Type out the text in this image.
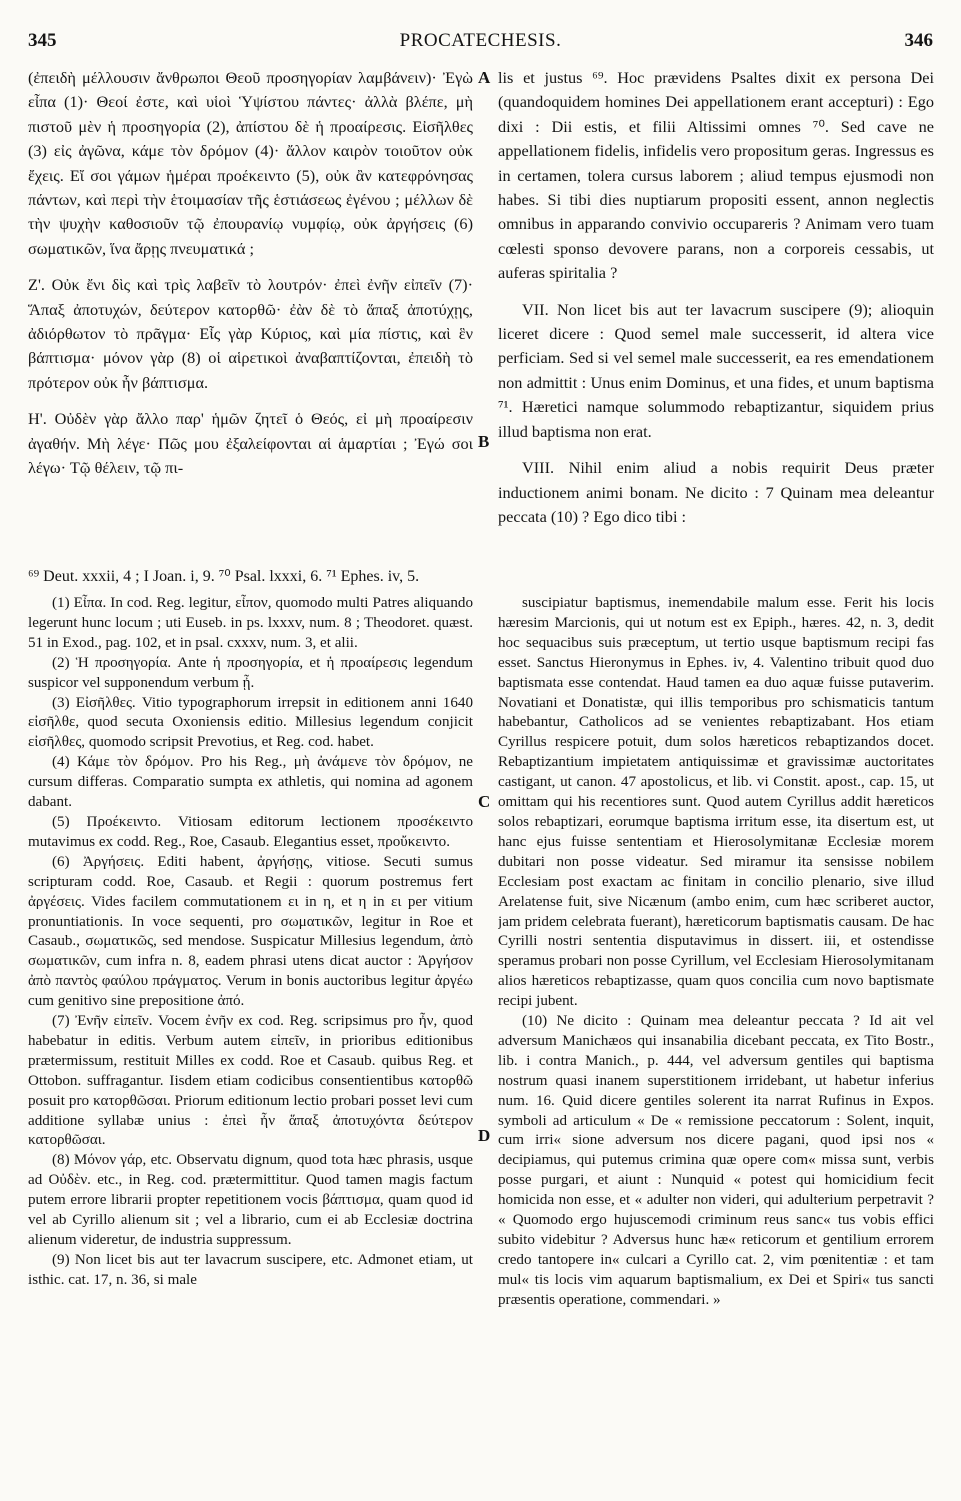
345	PROCATECHESIS.	346

(ἐπειδὴ μέλλουσιν ἄνθρωποι Θεοῦ προσηγορίαν λαμβάνειν)· Ἐγὼ εἶπα (1)· Θεοί ἐστε, καὶ υἱοὶ Ὑψίστου πάντες· ἀλλὰ βλέπε, μὴ πιστοῦ μὲν ἡ προσηγορία (2), ἀπίστου δὲ ἡ προαίρεσις. Εἰσῆλθες (3) εἰς ἀγῶνα, κάμε τὸν δρόμον (4)· ἄλλον καιρὸν τοιοῦτον οὐκ ἔχεις. Εἴ σοι γάμων ἡμέραι προέκειντο (5), οὐκ ἂν κατεφρόνησας πάντων, καὶ περὶ τὴν ἑτοιμασίαν τῆς ἑστιάσεως ἐγένου ; μέλλων δὲ τὴν ψυχὴν καθοσιοῦν τῷ ἐπουρανίῳ νυμφίῳ, οὐκ ἀργήσεις (6) σωματικῶν, ἵνα ἄρῃς πνευματικά ;

Ζ'. Οὐκ ἔνι δὶς καὶ τρὶς λαβεῖν τὸ λουτρόν· ἐπεὶ ἐνῆν εἰπεῖν (7)· Ἅπαξ ἀποτυχών, δεύτερον κατορθῶ· ἐὰν δὲ τὸ ἅπαξ ἀποτύχῃς, ἀδιόρθωτον τὸ πρᾶγμα· Εἷς γὰρ Κύριος, καὶ μία πίστις, καὶ ἓν βάπτισμα· μόνον γὰρ (8) οἱ αἱρετικοὶ ἀναβαπτίζονται, ἐπειδὴ τὸ πρότερον οὐκ ἦν βάπτισμα.

Η'. Οὐδὲν γὰρ ἄλλο παρ' ἡμῶν ζητεῖ ὁ Θεός, εἰ μὴ προαίρεσιν ἀγαθήν. Μὴ λέγε· Πῶς μου ἐξαλείφονται αἱ ἁμαρτίαι ; Ἐγώ σοι λέγω· Τῷ θέλειν, τῷ πι-

lis et justus ⁶⁹. Hoc prævidens Psaltes dixit ex persona Dei (quandoquidem homines Dei appellationem erant accepturi) : Ego dixi : Dii estis, et filii Altissimi omnes ⁷⁰. Sed cave ne appellationem fidelis, infidelis vero propositum geras. Ingressus es in certamen, tolera cursus laborem ; aliud tempus ejusmodi non habes. Si tibi dies nuptiarum propositi essent, annon neglectis omnibus in apparando convivio occupareris ? Animam vero tuam cœlesti sponso devovere parans, non a corporeis cessabis, ut auferas spiritalia ?

VII. Non licet bis aut ter lavacrum suscipere (9); alioquin liceret dicere : Quod semel male successerit, id altera vice perficiam. Sed si vel semel male successerit, ea res emendationem non admittit : Unus enim Dominus, et una fides, et unum baptisma ⁷¹. Hæretici namque solummodo rebaptizantur, siquidem prius illud baptisma non erat.

VIII. Nihil enim aliud a nobis requirit Deus præter inductionem animi bonam. Ne dicito : 7 Quinam mea deleantur peccata (10) ? Ego dico tibi :

A
B
⁶⁹ Deut. xxxii, 4 ; I Joan. i, 9. ⁷⁰ Psal. lxxxi, 6. ⁷¹ Ephes. iv, 5.

(1) Εἶπα. In cod. Reg. legitur, εἶπον, quomodo multi Patres aliquando legerunt hunc locum ; uti Euseb. in ps. lxxxv, num. 8 ; Theodoret. quæst. 51 in Exod., pag. 102, et in psal. cxxxv, num. 3, et alii.

(2) Ἡ προσηγορία. Ante ἡ προσηγορία, et ἡ προαίρεσις legendum suspicor vel supponendum verbum ᾖ.

(3) Εἰσῆλθες. Vitio typographorum irrepsit in editionem anni 1640 εἰσῆλθε, quod secuta Oxoniensis editio. Millesius legendum conjicit εἰσῆλθες, quomodo scripsit Prevotius, et Reg. cod. habet.

(4) Κάμε τὸν δρόμον. Pro his Reg., μὴ ἀνάμενε τὸν δρόμον, ne cursum differas. Comparatio sumpta ex athletis, qui nomina ad agonem dabant.

(5) Προέκειντο. Vitiosam editorum lectionem προσέκειντο mutavimus ex codd. Reg., Roe, Casaub. Elegantius esset, προὔκειντο.

(6) Ἀργήσεις. Editi habent, ἀργήσῃς, vitiose. Secuti sumus scripturam codd. Roe, Casaub. et Regii : quorum postremus fert ἀργέσεις. Vides facilem commutationem ει in η, et η in ει per vitium pronuntiationis. In voce sequenti, pro σωματικῶν, legitur in Roe et Casaub., σωματικῶς, sed mendose. Suspicatur Millesius legendum, ἀπὸ σωματικῶν, cum infra n. 8, eadem phrasi utens dicat auctor : Ἀργήσον ἀπὸ παντὸς φαύλου πράγματος. Verum in bonis auctoribus legitur ἀργέω cum genitivo sine prepositione ἀπό.

(7) Ἐνῆν εἰπεῖν. Vocem ἐνῆν ex cod. Reg. scripsimus pro ἦν, quod habebatur in editis. Verbum autem εἰπεῖν, in prioribus editionibus prætermissum, restituit Milles ex codd. Roe et Casaub. quibus Reg. et Ottobon. suffragantur. Iisdem etiam codicibus consentientibus κατορθῶ posuit pro κατορθῶσαι. Priorum editionum lectio probari posset levi cum additione syllabæ unius : ἐπεὶ ἦν ἅπαξ ἀποτυχόντα δεύτερον κατορθῶσαι.

(8) Μόνον γάρ, etc. Observatu dignum, quod tota hæc phrasis, usque ad Οὐδὲν. etc., in Reg. cod. prætermittitur. Quod tamen magis factum putem errore librarii propter repetitionem vocis βάπτισμα, quam quod id vel ab Cyrillo alienum sit ; vel a librario, cum ei ab Ecclesiæ doctrina alienum videretur, de industria suppressum.

(9) Non licet bis aut ter lavacrum suscipere, etc. Admonet etiam, ut isthic. cat. 17, n. 36, si male

suscipiatur baptismus, inemendabile malum esse. Ferit his locis hæresim Marcionis, qui ut notum est ex Epiph., hæres. 42, n. 3, dedit hoc sequacibus suis præceptum, ut tertio usque baptismum recipi fas esset. Sanctus Hieronymus in Ephes. iv, 4. Valentino tribuit quod duo baptismata esse contendat. Haud tamen ea duo aquæ fuisse putaverim. Novatiani et Donatistæ, qui illis temporibus pro schismaticis tantum habebantur, Catholicos ad se venientes rebaptizabant. Hos etiam Cyrillus respicere potuit, dum solos hæreticos rebaptizandos docet. Rebaptizantium impietatem antiquissimæ et gravissimæ auctoritates castigant, ut canon. 47 apostolicus, et lib. vi Constit. apost., cap. 15, ut omittam qui his recentiores sunt. Quod autem Cyrillus addit hæreticos solos rebaptizari, eorumque baptisma irritum esse, ita disertum est, ut hanc ejus fuisse sententiam et Hierosolymitanæ Ecclesiæ morem dubitari non posse videatur. Sed miramur ita sensisse nobilem Ecclesiam post exactam ac finitam in concilio plenario, sive illud Arelatense fuit, sive Nicænum (ambo enim, cum hæc scriberet auctor, jam pridem celebrata fuerant), hæreticorum baptismatis causam. De hac Cyrilli nostri sententia disputavimus in dissert. iii, et ostendisse speramus probari non posse Cyrillum, vel Ecclesiam Hierosolymitanam alios hæreticos rebaptizasse, quam quos concilia cum novo baptismate recipi jubent.

(10) Ne dicito : Quinam mea deleantur peccata ? Id ait vel adversum Manichæos qui insanabilia dicebant peccata, ex Tito Bostr., lib. i contra Manich., p. 444, vel adversum gentiles qui baptisma nostrum quasi inanem superstitionem irridebant, ut habetur inferius num. 16. Quid dicere gentiles solerent ita narrat Rufinus in Expos. symboli ad articulum « De « remissione peccatorum : Solent, inquit, cum irri« sione adversum nos dicere pagani, quod ipsi nos « decipiamus, qui putemus crimina quæ opere com« missa sunt, verbis posse purgari, et aiunt : Nunquid « potest qui homicidium fecit homicida non esse, et « adulter non videri, qui adulterium perpetravit ? « Quomodo ergo hujuscemodi criminum reus sanc« tus vobis effici subito videbitur ? Adversus hunc hæ« reticorum et gentilium errorem credo tantopere in« culcari a Cyrillo cat. 2, vim pœnitentiæ : et tam mul« tis locis vim aquarum baptismalium, ex Dei et Spiri« tus sancti præsentis operatione, commendari. »

C
D
